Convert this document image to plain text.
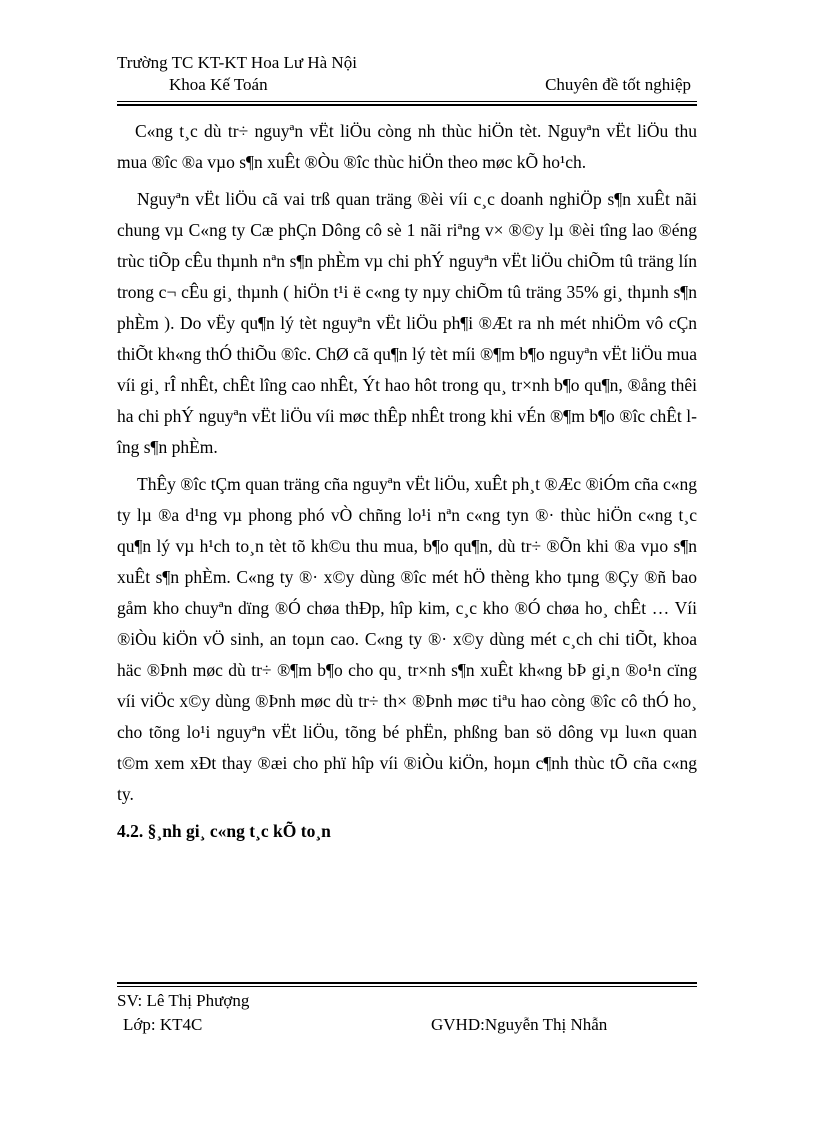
Trường TC KT-KT Hoa Lư Hà Nội
Khoa Kế Toán	Chuyên đề tốt nghiệp

C«ng t¸c dù tr÷ nguyªn vËt liÖu còng nh thùc hiÖn tèt. Nguyªn vËt liÖu thu mua ®îc ®a vµo s¶n xuÊt ®Òu ®îc thùc hiÖn theo møc kÕ ho¹ch.

Nguyªn vËt liÖu cã vai trß quan träng ®èi víi c¸c doanh nghiÖp s¶n xuÊt nãi chung vµ C«ng ty Cæ phÇn Dông cô sè 1 nãi riªng v× ®©y lµ ®èi tîng lao ®éng trùc tiÕp cÊu thµnh nªn s¶n phÈm vµ chi phÝ nguyªn vËt liÖu chiÕm tû träng lín trong c¬ cÊu gi¸ thµnh ( hiÖn t¹i ë c«ng ty nµy chiÕm tû träng 35% gi¸ thµnh s¶n phÈm ). Do vËy qu¶n lý tèt nguyªn vËt liÖu ph¶i ®Æt ra nh mét nhiÖm vô cÇn thiÕt kh«ng thÓ thiÕu ®îc. ChØ cã qu¶n lý tèt míi ®¶m b¶o nguyªn vËt liÖu mua víi gi¸ rÎ nhÊt, chÊt lîng cao nhÊt, Ýt hao hôt trong qu¸ tr×nh b¶o qu¶n, ®ång thêi ha chi phÝ nguyªn vËt liÖu víi møc thÊp nhÊt trong khi vÉn ®¶m b¶o ®îc chÊt lîng s¶n phÈm.

ThÊy ®îc tÇm quan träng cña nguyªn vËt liÖu, xuÊt ph¸t ®Æc ®iÓm cña c«ng ty lµ ®a d¹ng vµ phong phó vÒ chñng lo¹i nªn c«ng tyn ®· thùc hiÖn c«ng t¸c qu¶n lý vµ h¹ch to¸n tèt tõ kh©u thu mua, b¶o qu¶n, dù tr÷ ®Õn khi ®a vµo s¶n xuÊt s¶n phÈm. C«ng ty ®· x©y dùng ®îc mét hÖ thèng kho tµng ®Çy ®ñ bao gåm kho chuyªn dïng ®Ó chøa thÐp, hîp kim, c¸c kho ®Ó chøa ho¸ chÊt … Víi ®iÒu kiÖn vÖ sinh, an toµn cao. C«ng ty ®· x©y dùng mét c¸ch chi tiÕt, khoa häc ®Þnh møc dù tr÷ ®¶m b¶o cho qu¸ tr×nh s¶n xuÊt kh«ng bÞ gi¸n ®o¹n cïng víi viÖc x©y dùng ®Þnh møc dù tr÷ th× ®Þnh møc tiªu hao còng ®îc cô thÓ ho¸ cho tõng lo¹i nguyªn vËt liÖu, tõng bé phËn, phßng ban sö dông vµ lu«n quan t©m xem xÐt thay ®æi cho phï hîp víi ®iÒu kiÖn, hoµn c¶nh thùc tÕ cña c«ng ty.

4.2. §¸nh gi¸ c«ng t¸c kÕ to¸n

SV: Lê Thị Phượng
Lớp: KT4C	GVHD:Nguyễn Thị Nhẫn
